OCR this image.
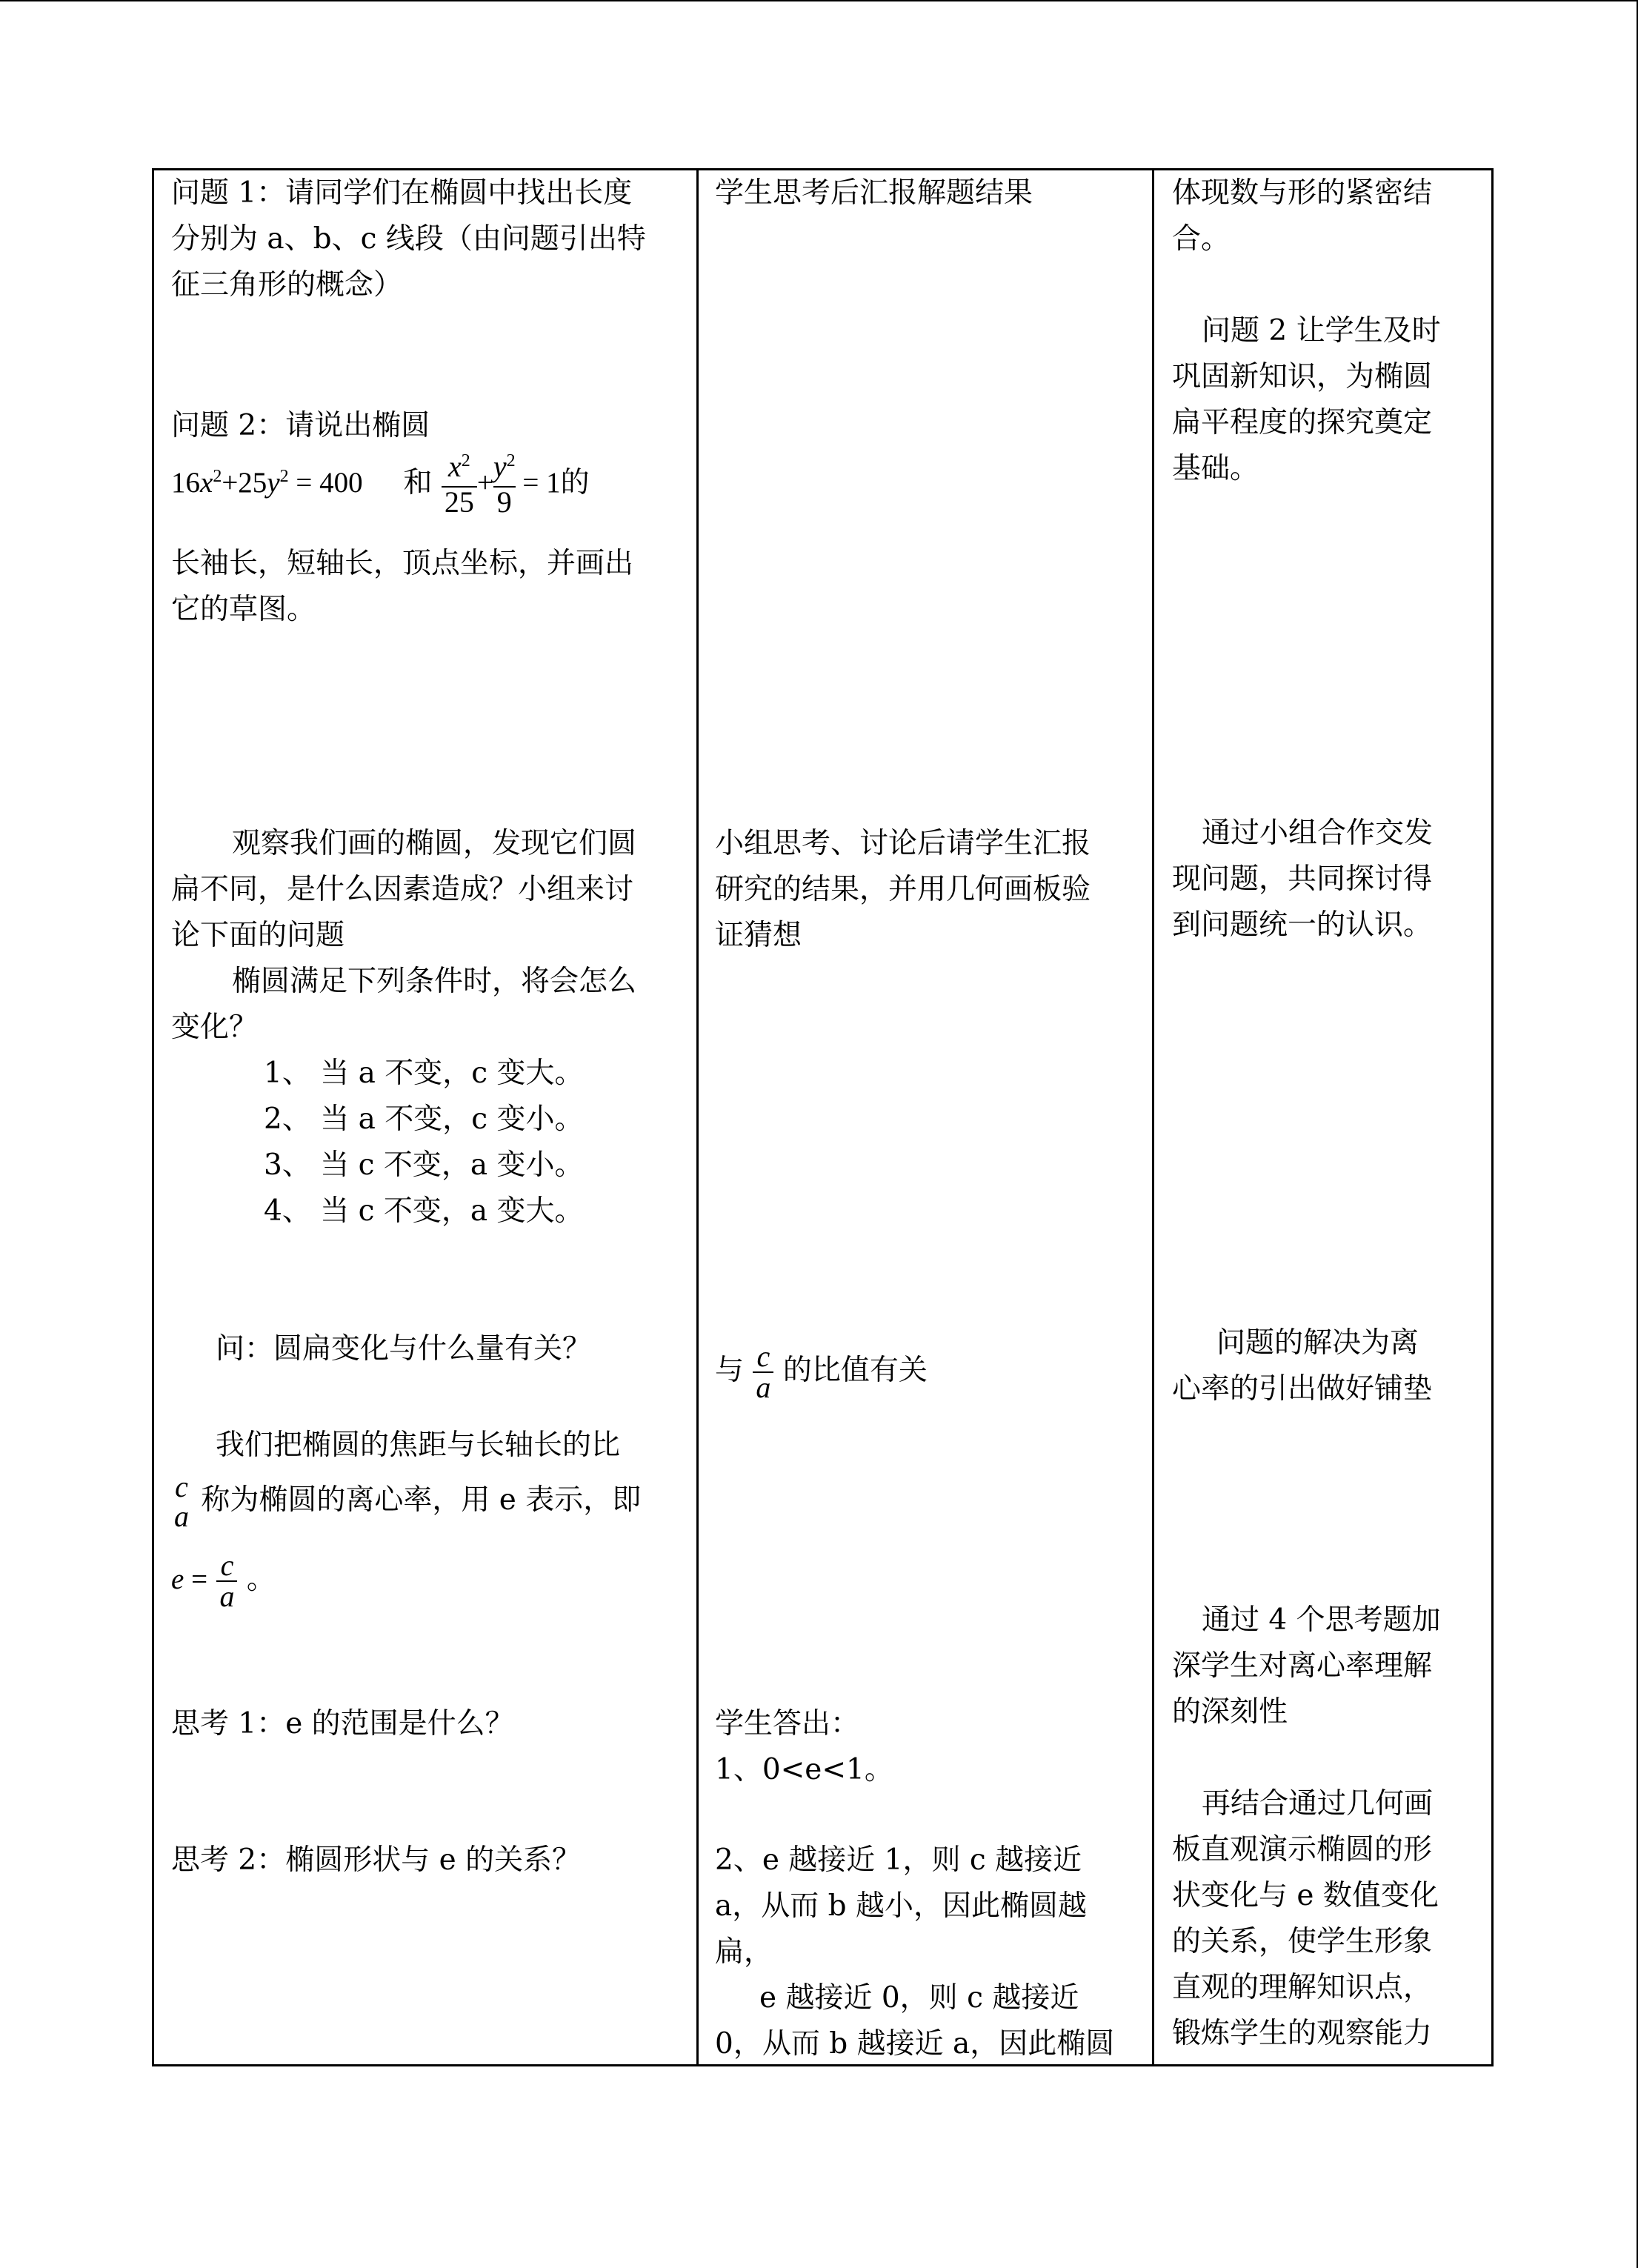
问题 1：请同学们在椭圆中找出长度

分别为 a、b、c 线段（由问题引出特

征三角形的概念）

问题 2：请说出椭圆

$16x^2+25y^2 = 400$ 和 $\frac{x^2}{25} + \frac{y^2}{9} = 1$的

长袖长，短轴长，顶点坐标，并画出

它的草图。

观察我们画的椭圆，发现它们圆

扁不同，是什么因素造成？小组来讨

论下面的问题

椭圆满足下列条件时，将会怎么

变化？

1、 当 a 不变，c 变大。

2、 当 a 不变，c 变小。

3、 当 c 不变，a 变小。

4、 当 c 不变，a 变大。

问：圆扁变化与什么量有关？

我们把椭圆的焦距与长轴长的比

c
a 称为椭圆的离心率，用 e 表示，即
$e = \frac{c}{a}$ 。

思考 1：e 的范围是什么？

思考 2：椭圆形状与 e 的关系？

学生思考后汇报解题结果

小组思考、讨论后请学生汇报

研究的结果，并用几何画板验

证猜想

与 $\frac{c}{a}$ 的比值有关

学生答出：

1、0<e<1。

2、e 越接近 1，则 c 越接近

a，从而 b 越小，因此椭圆越

扁，

e 越接近 0，则 c 越接近

0，从而 b 越接近 a，因此椭圆

体现数与形的紧密结

合。

问题 2 让学生及时

巩固新知识，为椭圆

扁平程度的探究奠定

基础。

通过小组合作交发

现问题，共同探讨得

到问题统一的认识。

问题的解决为离

心率的引出做好铺垫

通过 4 个思考题加

深学生对离心率理解

的深刻性

再结合通过几何画

板直观演示椭圆的形

状变化与 e 数值变化

的关系，使学生形象

直观的理解知识点，

锻炼学生的观察能力
